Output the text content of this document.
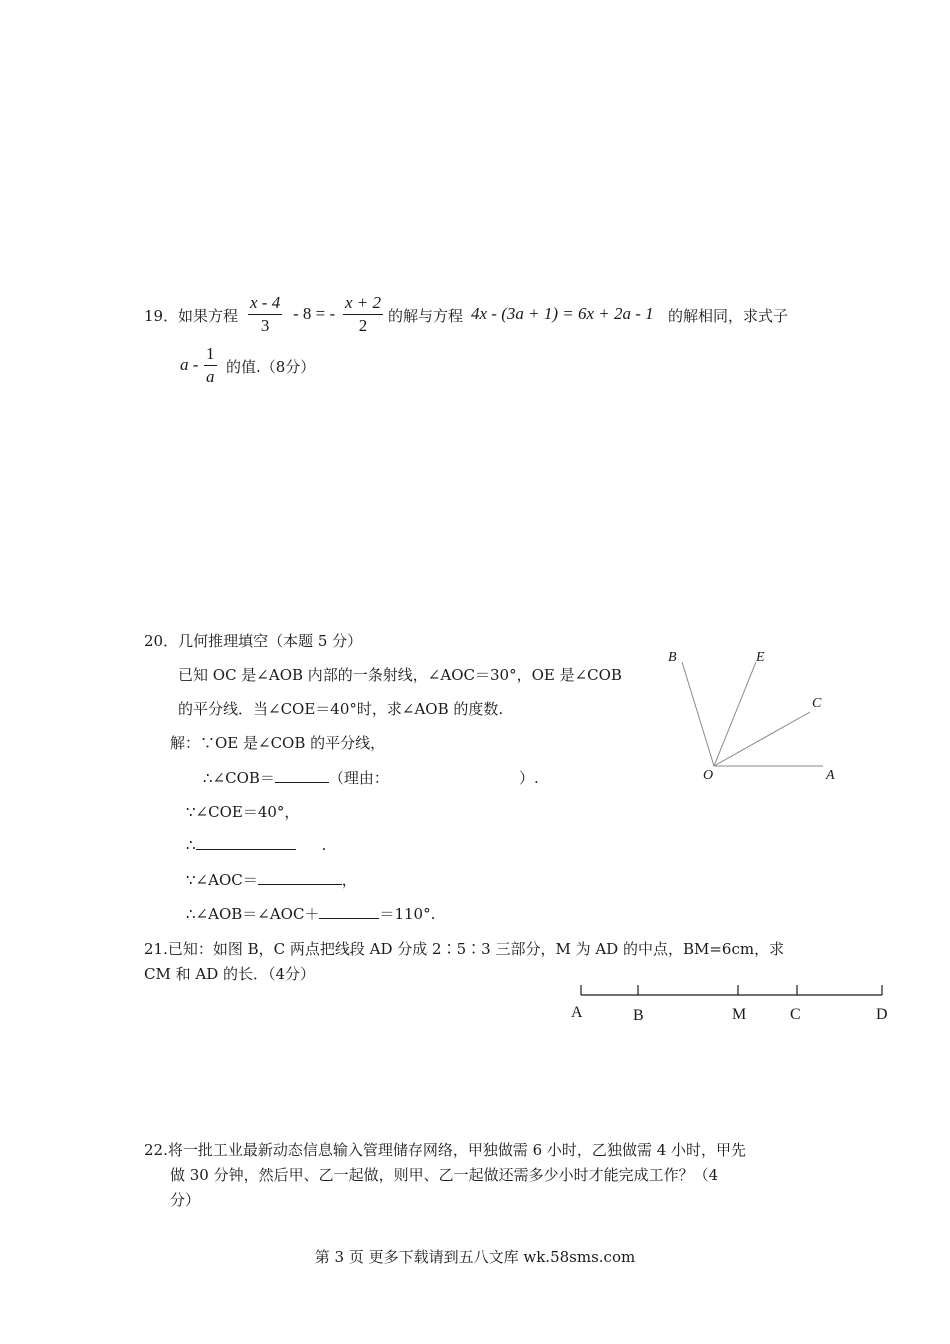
19． 如果方程 $\frac{x - 4}{3} - 8$ = - $\frac{x + 2}{2}$ 的解与方程 4x - (3a + 1) = 6x + 2a - 1 的解相同，求式子
a - $\frac{1}{a}$ 的值.（8分）
20．几何推理填空（本题 5 分）
已知 OC 是∠AOB 内部的一条射线，∠AOC＝30°，OE 是∠COB
的平分线．当∠COE＝40°时，求∠AOB 的度数.
解：∵OE 是∠COB 的平分线，
∴∠COB＝	（理由：	）.
∵∠COE＝40°，
∴	.
∵∠AOC＝	，
∴∠AOB＝∠AOC＋	＝110°.
B	E
C
O	A
21.已知：如图 B，C 两点把线段 AD 分成 2∶5∶3 三部分，M 为 AD 的中点，BM=6cm，求
CM 和 AD 的长．（4分）
A	B	M	C	D
22.将一批工业最新动态信息输入管理储存网络，甲独做需 6 小时，乙独做需 4 小时，甲先
做 30 分钟，然后甲、乙一起做，则甲、乙一起做还需多少小时才能完成工作？（4
分）
第 3 页 更多下载请到五八文库 wk.58sms.com
